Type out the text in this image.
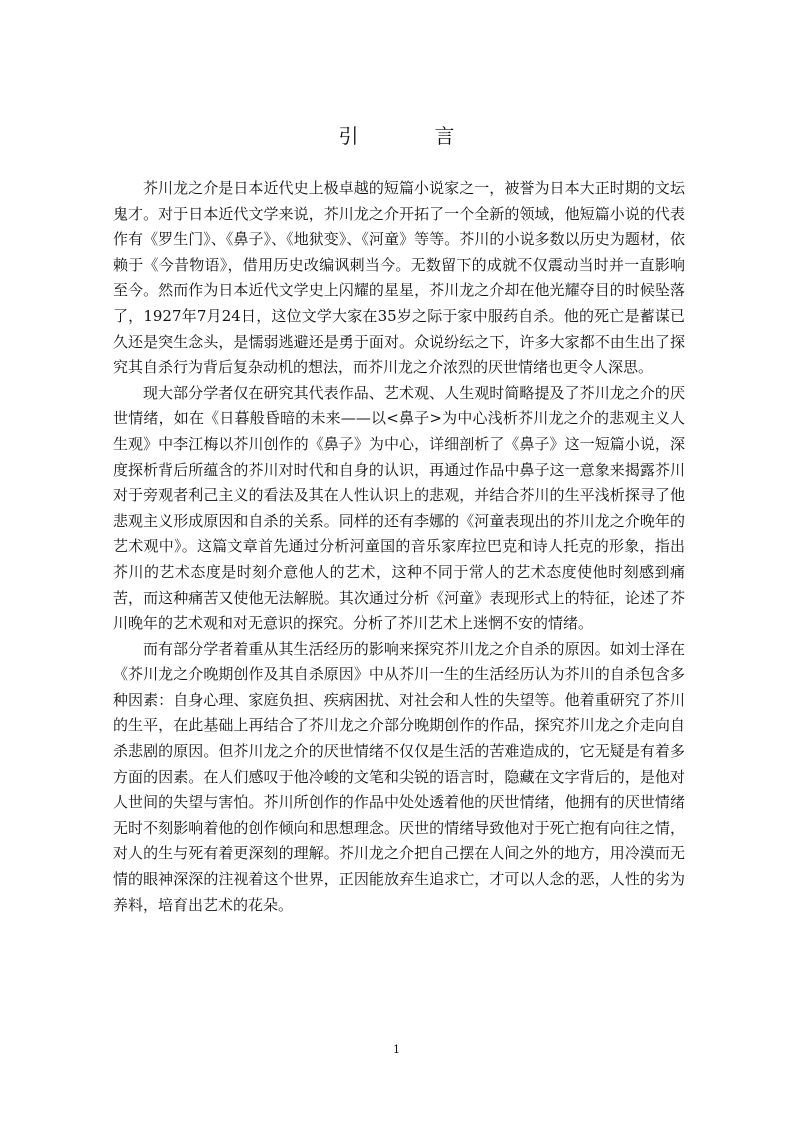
引　言

芥川龙之介是日本近代史上极卓越的短篇小说家之一，被誉为日本大正时期的文坛鬼才。对于日本近代文学来说，芥川龙之介开拓了一个全新的领域，他短篇小说的代表作有《罗生门》、《鼻子》、《地狱变》、《河童》等等。芥川的小说多数以历史为题材，依赖于《今昔物语》，借用历史改编讽刺当今。无数留下的成就不仅震动当时并一直影响至今。然而作为日本近代文学史上闪耀的星星，芥川龙之介却在他光耀夺目的时候坠落了，1927年7月24日，这位文学大家在35岁之际于家中服药自杀。他的死亡是蓄谋已久还是突生念头，是懦弱逃避还是勇于面对。众说纷纭之下，许多大家都不由生出了探究其自杀行为背后复杂动机的想法，而芥川龙之介浓烈的厌世情绪也更令人深思。

现大部分学者仅在研究其代表作品、艺术观、人生观时简略提及了芥川龙之介的厌世情绪，如在《日暮般昏暗的未来——以<鼻子>为中心浅析芥川龙之介的悲观主义人生观》中李江梅以芥川创作的《鼻子》为中心，详细剖析了《鼻子》这一短篇小说，深度探析背后所蕴含的芥川对时代和自身的认识，再通过作品中鼻子这一意象来揭露芥川对于旁观者利己主义的看法及其在人性认识上的悲观，并结合芥川的生平浅析探寻了他悲观主义形成原因和自杀的关系。同样的还有李娜的《河童表现出的芥川龙之介晚年的艺术观中》。这篇文章首先通过分析河童国的音乐家库拉巴克和诗人托克的形象，指出芥川的艺术态度是时刻介意他人的艺术，这种不同于常人的艺术态度使他时刻感到痛苦，而这种痛苦又使他无法解脱。其次通过分析《河童》表现形式上的特征，论述了芥川晚年的艺术观和对无意识的探究。分析了芥川艺术上迷惘不安的情绪。

而有部分学者着重从其生活经历的影响来探究芥川龙之介自杀的原因。如刘士泽在《芥川龙之介晚期创作及其自杀原因》中从芥川一生的生活经历认为芥川的自杀包含多种因素：自身心理、家庭负担、疾病困扰、对社会和人性的失望等。他着重研究了芥川的生平，在此基础上再结合了芥川龙之介部分晚期创作的作品，探究芥川龙之介走向自杀悲剧的原因。但芥川龙之介的厌世情绪不仅仅是生活的苦难造成的，它无疑是有着多方面的因素。在人们感叹于他冷峻的文笔和尖锐的语言时，隐藏在文字背后的，是他对人世间的失望与害怕。芥川所创作的作品中处处透着他的厌世情绪，他拥有的厌世情绪无时不刻影响着他的创作倾向和思想理念。厌世的情绪导致他对于死亡抱有向往之情，对人的生与死有着更深刻的理解。芥川龙之介把自己摆在人间之外的地方，用冷漠而无情的眼神深深的注视着这个世界，正因能放弃生追求亡，才可以人念的恶，人性的劣为养料，培育出艺术的花朵。

1
